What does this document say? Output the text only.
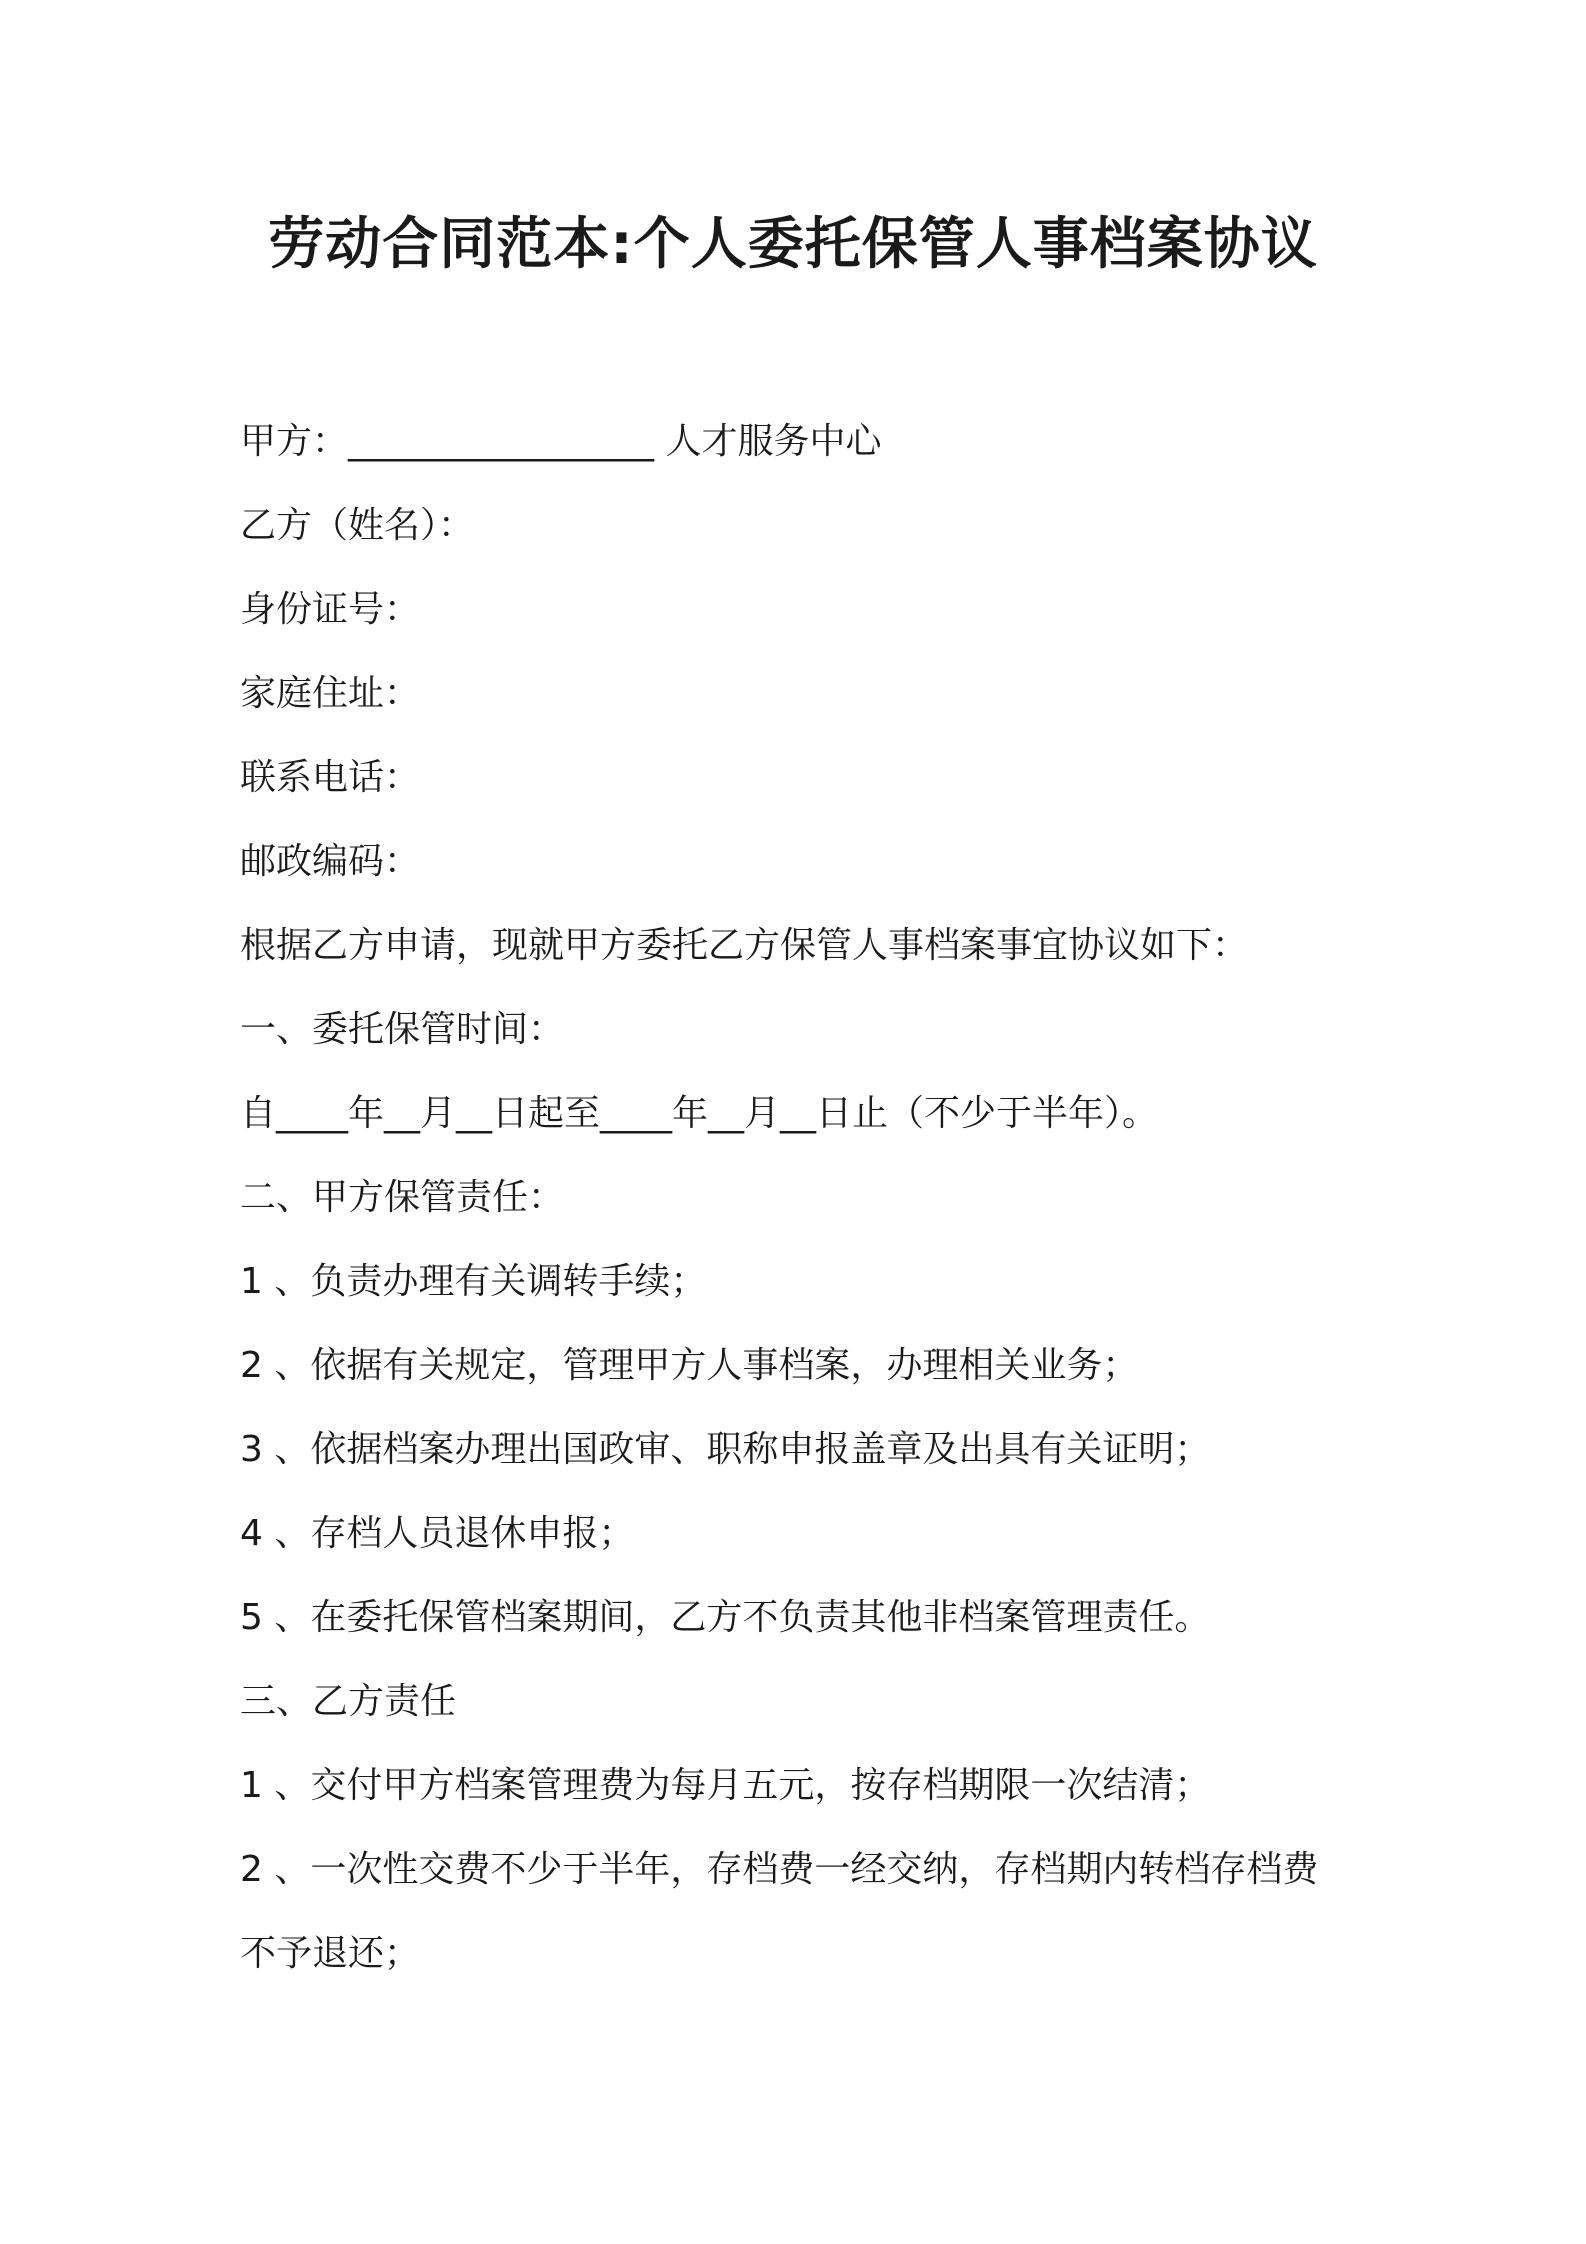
劳动合同范本:个人委托保管人事档案协议
甲方：_________________ 人才服务中心
乙方（姓名）：
身份证号：
家庭住址：
联系电话：
邮政编码：
根据乙方申请，现就甲方委托乙方保管人事档案事宜协议如下：
一、委托保管时间：
自____年__月__日起至____年__月__日止（不少于半年）。
二、甲方保管责任：
1 、负责办理有关调转手续；
2 、依据有关规定，管理甲方人事档案，办理相关业务；
3 、依据档案办理出国政审、职称申报盖章及出具有关证明；
4 、存档人员退休申报；
5 、在委托保管档案期间，乙方不负责其他非档案管理责任。
三、乙方责任
1 、交付甲方档案管理费为每月五元，按存档期限一次结清；
2 、一次性交费不少于半年，存档费一经交纳，存档期内转档存档费
不予退还；
